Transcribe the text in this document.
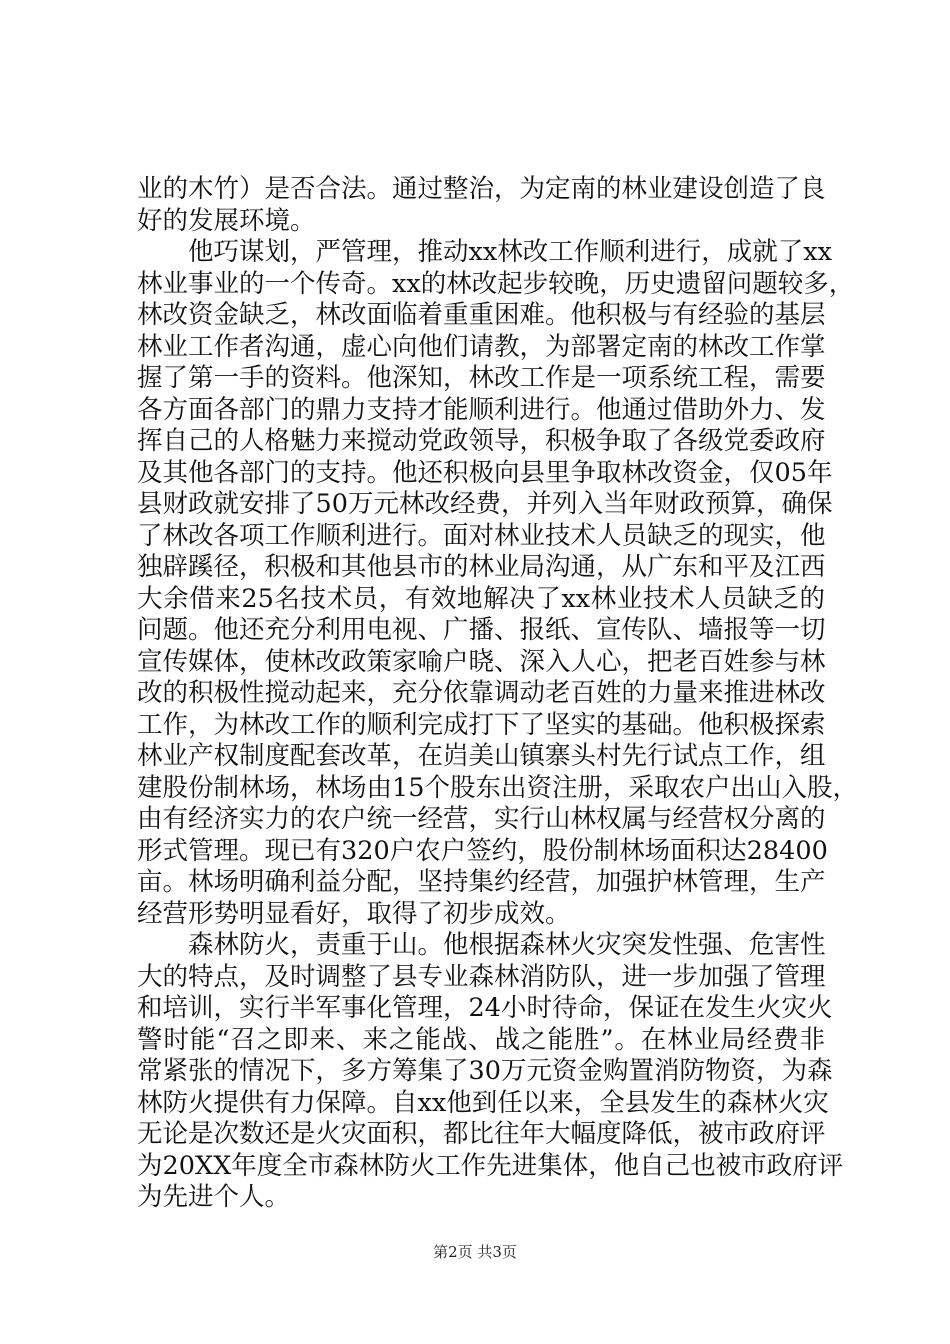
业的木竹）是否合法。通过整治，为定南的林业建设创造了良
好的发展环境。
他巧谋划，严管理，推动xx林改工作顺利进行，成就了xx
林业事业的一个传奇。xx的林改起步较晚，历史遗留问题较多，
林改资金缺乏，林改面临着重重困难。他积极与有经验的基层
林业工作者沟通，虚心向他们请教，为部署定南的林改工作掌
握了第一手的资料。他深知，林改工作是一项系统工程，需要
各方面各部门的鼎力支持才能顺利进行。他通过借助外力、发
挥自己的人格魅力来搅动党政领导，积极争取了各级党委政府
及其他各部门的支持。他还积极向县里争取林改资金，仅05年
县财政就安排了50万元林改经费，并列入当年财政预算，确保
了林改各项工作顺利进行。面对林业技术人员缺乏的现实，他
独辟蹊径，积极和其他县市的林业局沟通，从广东和平及江西
大余借来25名技术员，有效地解决了xx林业技术人员缺乏的
问题。他还充分利用电视、广播、报纸、宣传队、墙报等一切
宣传媒体，使林改政策家喻户晓、深入人心，把老百姓参与林
改的积极性搅动起来，充分依靠调动老百姓的力量来推进林改
工作，为林改工作的顺利完成打下了坚实的基础。他积极探索
林业产权制度配套改革，在岿美山镇寨头村先行试点工作，组
建股份制林场，林场由15个股东出资注册，采取农户出山入股，
由有经济实力的农户统一经营，实行山林权属与经营权分离的
形式管理。现已有320户农户签约，股份制林场面积达28400
亩。林场明确利益分配，坚持集约经营，加强护林管理，生产
经营形势明显看好，取得了初步成效。
森林防火，责重于山。他根据森林火灾突发性强、危害性
大的特点，及时调整了县专业森林消防队，进一步加强了管理
和培训，实行半军事化管理，24小时待命，保证在发生火灾火
警时能“召之即来、来之能战、战之能胜”。在林业局经费非
常紧张的情况下，多方筹集了30万元资金购置消防物资，为森
林防火提供有力保障。自xx他到任以来，全县发生的森林火灾
无论是次数还是火灾面积，都比往年大幅度降低，被市政府评
为20XX年度全市森林防火工作先进集体，他自己也被市政府评
为先进个人。
第2页 共3页
